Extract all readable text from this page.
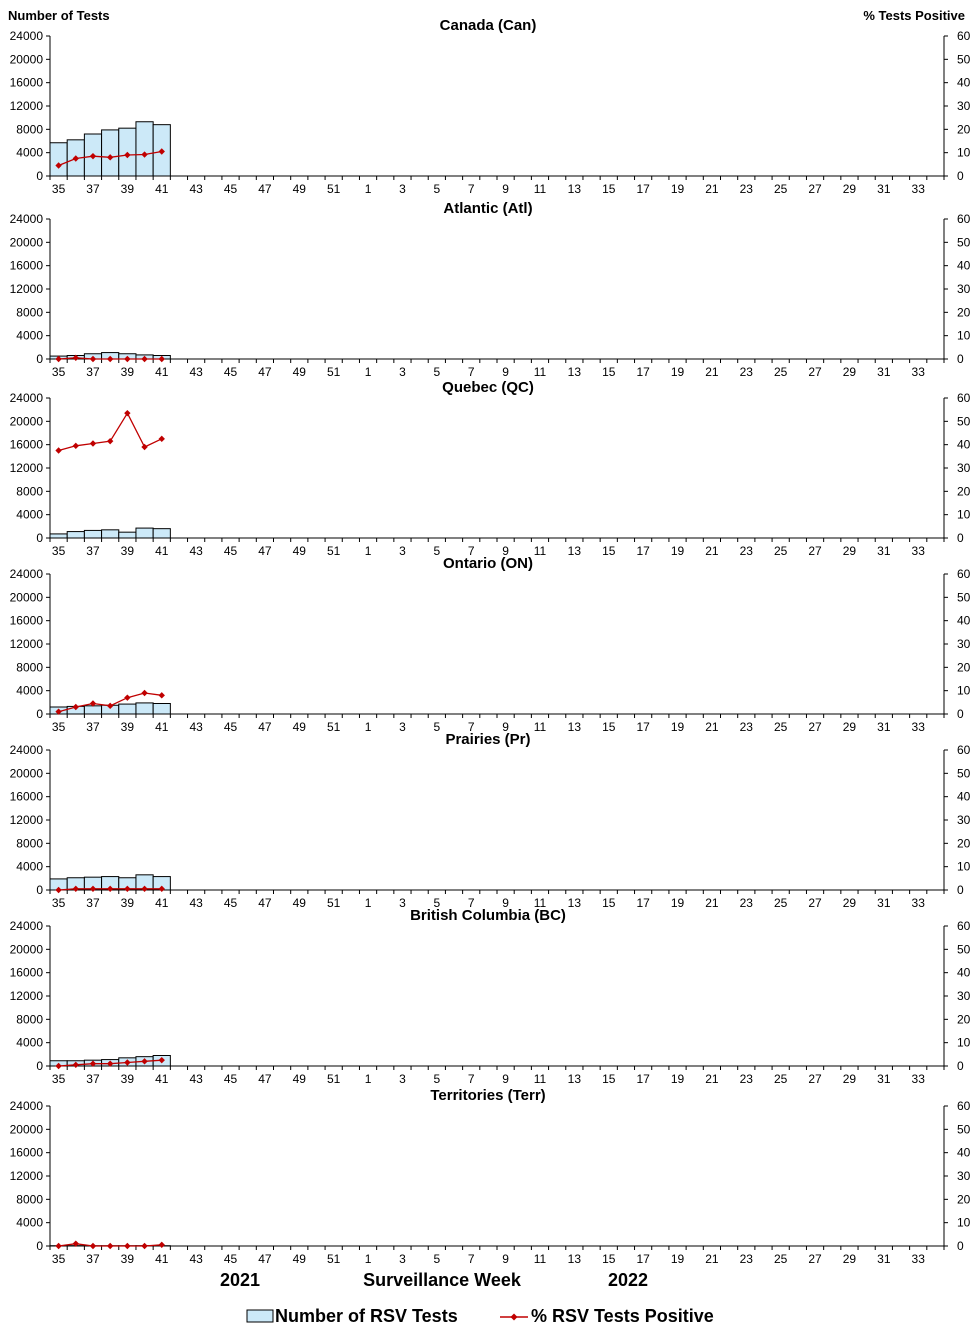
Number of Tests	% Tests Positive
Canada (Can)
0
4000
8000
12000
16000
20000
24000
0
10
20
30
40
50
60
35 37 39 41 43 45 47 49 51 1 3 5 7 9 11 13 15 17 19 21 23 25 27 29 31 33
Atlantic (Atl)
0
4000
8000
12000
16000
20000
24000
0
10
20
30
40
50
60
35 37 39 41 43 45 47 49 51 1 3 5 7 9 11 13 15 17 19 21 23 25 27 29 31 33
Quebec (QC)
0
4000
8000
12000
16000
20000
24000
0
10
20
30
40
50
60
35 37 39 41 43 45 47 49 51 1 3 5 7 9 11 13 15 17 19 21 23 25 27 29 31 33
Ontario (ON)
0
4000
8000
12000
16000
20000
24000
0
10
20
30
40
50
60
35 37 39 41 43 45 47 49 51 1 3 5 7 9 11 13 15 17 19 21 23 25 27 29 31 33
Prairies (Pr)
0
4000
8000
12000
16000
20000
24000
0
10
20
30
40
50
60
35 37 39 41 43 45 47 49 51 1 3 5 7 9 11 13 15 17 19 21 23 25 27 29 31 33
British Columbia (BC)
0
4000
8000
12000
16000
20000
24000
0
10
20
30
40
50
60
35 37 39 41 43 45 47 49 51 1 3 5 7 9 11 13 15 17 19 21 23 25 27 29 31 33
Territories (Terr)
0
4000
8000
12000
16000
20000
24000
0
10
20
30
40
50
60
35 37 39 41 43 45 47 49 51 1 3 5 7 9 11 13 15 17 19 21 23 25 27 29 31 33
2021	Surveillance Week	2022
Number of RSV Tests	% RSV Tests Positive
